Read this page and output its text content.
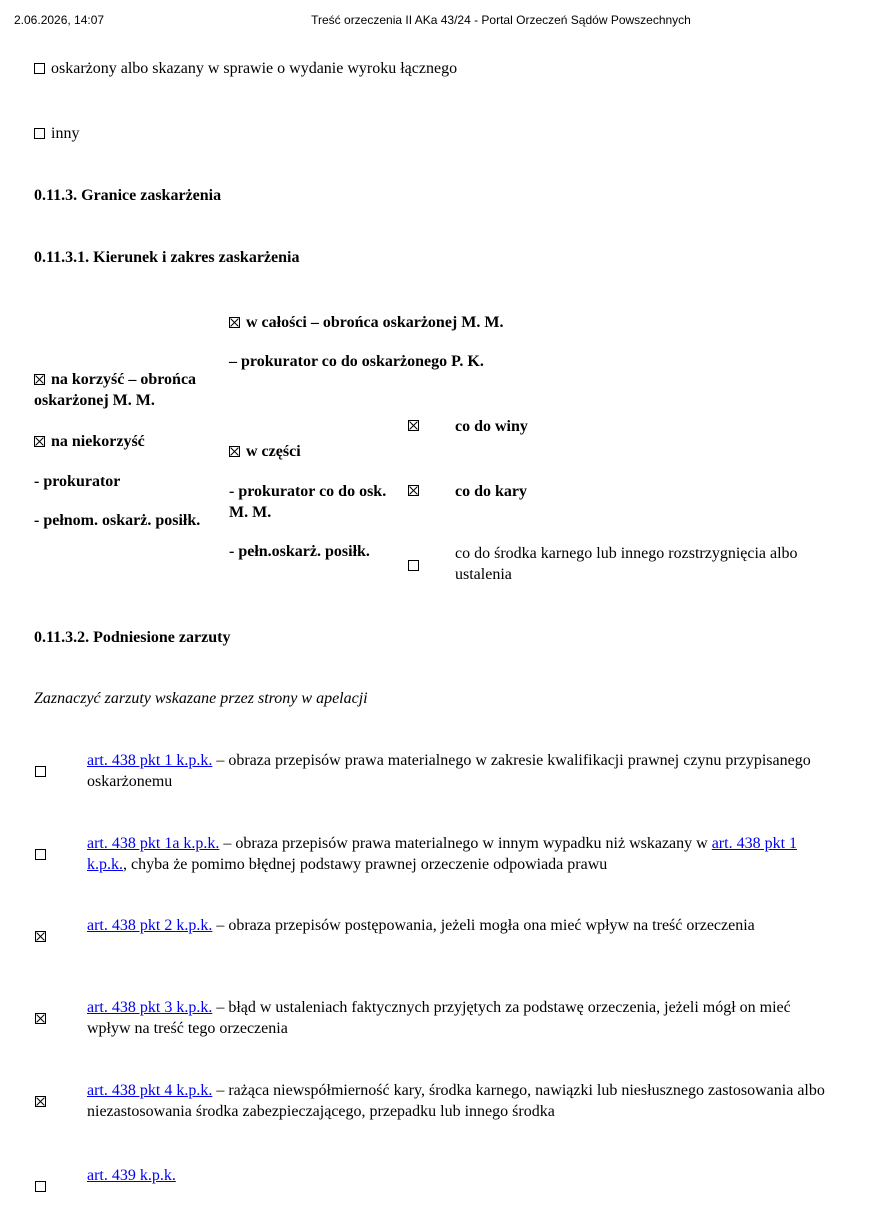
2.06.2026, 14:07	Treść orzeczenia II AKa 43/24 - Portal Orzeczeń Sądów Powszechnych
oskarżony albo skazany w sprawie o wydanie wyroku łącznego
inny
0.11.3. Granice zaskarżenia
0.11.3.1. Kierunek i zakres zaskarżenia
na korzyść – obrońca oskarżonej M. M.
na niekorzyść
- prokurator
- pełnom. oskarż. posiłk.
w całości – obrońca oskarżonej M. M.
– prokurator co do oskarżonego P. K.
w części
- prokurator co do osk. M. M.
- pełn.oskarż. posiłk.
co do winy
co do kary
co do środka karnego lub innego rozstrzygnięcia albo ustalenia
0.11.3.2. Podniesione zarzuty
Zaznaczyć zarzuty wskazane przez strony w apelacji
art. 438 pkt 1 k.p.k. – obraza przepisów prawa materialnego w zakresie kwalifikacji prawnej czynu przypisanego oskarżonemu
art. 438 pkt 1a k.p.k. – obraza przepisów prawa materialnego w innym wypadku niż wskazany w art. 438 pkt 1 k.p.k., chyba że pomimo błędnej podstawy prawnej orzeczenie odpowiada prawu
art. 438 pkt 2 k.p.k. – obraza przepisów postępowania, jeżeli mogła ona mieć wpływ na treść orzeczenia
art. 438 pkt 3 k.p.k. – błąd w ustaleniach faktycznych przyjętych za podstawę orzeczenia, jeżeli mógł on mieć wpływ na treść tego orzeczenia
art. 438 pkt 4 k.p.k. – rażąca niewspółmierność kary, środka karnego, nawiązki lub niesłusznego zastosowania albo niezastosowania środka zabezpieczającego, przepadku lub innego środka
art. 439 k.p.k.
